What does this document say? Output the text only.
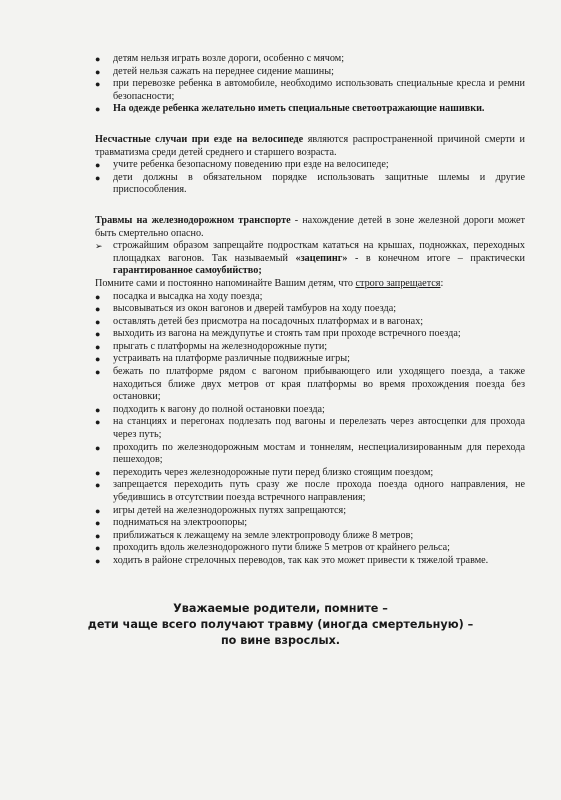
●	детям нельзя играть возле дороги, особенно с мячом;
●	детей нельзя сажать на переднее сидение машины;
●	при перевозке ребенка в автомобиле, необходимо использовать специальные кресла и ремни безопасности;
●	На одежде ребенка желательно иметь специальные светоотражающие нашивки.

Несчастные случаи при езде на велосипеде являются распространенной причиной смерти и травматизма среди детей среднего и старшего возраста.

●	учите ребенка безопасному поведению при езде на велосипеде;
●	дети должны в обязательном порядке использовать защитные шлемы и другие приспособления.

Травмы на железнодорожном транспорте - нахождение детей в зоне железной дороги может быть смертельно опасно.

➢ строжайшим образом запрещайте подросткам кататься на крышах, подножках, переходных площадках вагонов. Так называемый «зацепинг» - в конечном итоге – практически гарантированное самоубийство;

Помните сами и постоянно напоминайте Вашим детям, что строго запрещается:

●	посадка и высадка на ходу поезда;
●	высовываться из окон вагонов и дверей тамбуров на ходу поезда;
●	оставлять детей без присмотра на посадочных платформах и в вагонах;
●	выходить из вагона на междупутье и стоять там при проходе встречного поезда;
●	прыгать с платформы на железнодорожные пути;
●	устраивать на платформе различные подвижные игры;
●	бежать по платформе рядом с вагоном прибывающего или уходящего поезда, а также находиться ближе двух метров от края платформы во время прохождения поезда без остановки;
●	подходить к вагону до полной остановки поезда;
●	на станциях и перегонах подлезать под вагоны и перелезать через автосцепки для прохода через путь;
●	проходить по железнодорожным мостам и тоннелям, неспециализированным для перехода пешеходов;
●	переходить через железнодорожные пути перед близко стоящим поездом;
●	запрещается переходить путь сразу же после прохода поезда одного направления, не убедившись в отсутствии поезда встречного направления;
●	игры детей на железнодорожных путях запрещаются;
●	подниматься на электроопоры;
●	приближаться к лежащему на земле электропроводу ближе 8 метров;
●	проходить вдоль железнодорожного пути ближе 5 метров от крайнего рельса;
●	ходить в районе стрелочных переводов, так как это может привести к тяжелой травме.
Уважаемые родители, помните –
дети чаще всего получают травму (иногда смертельную) –
по вине взрослых.
